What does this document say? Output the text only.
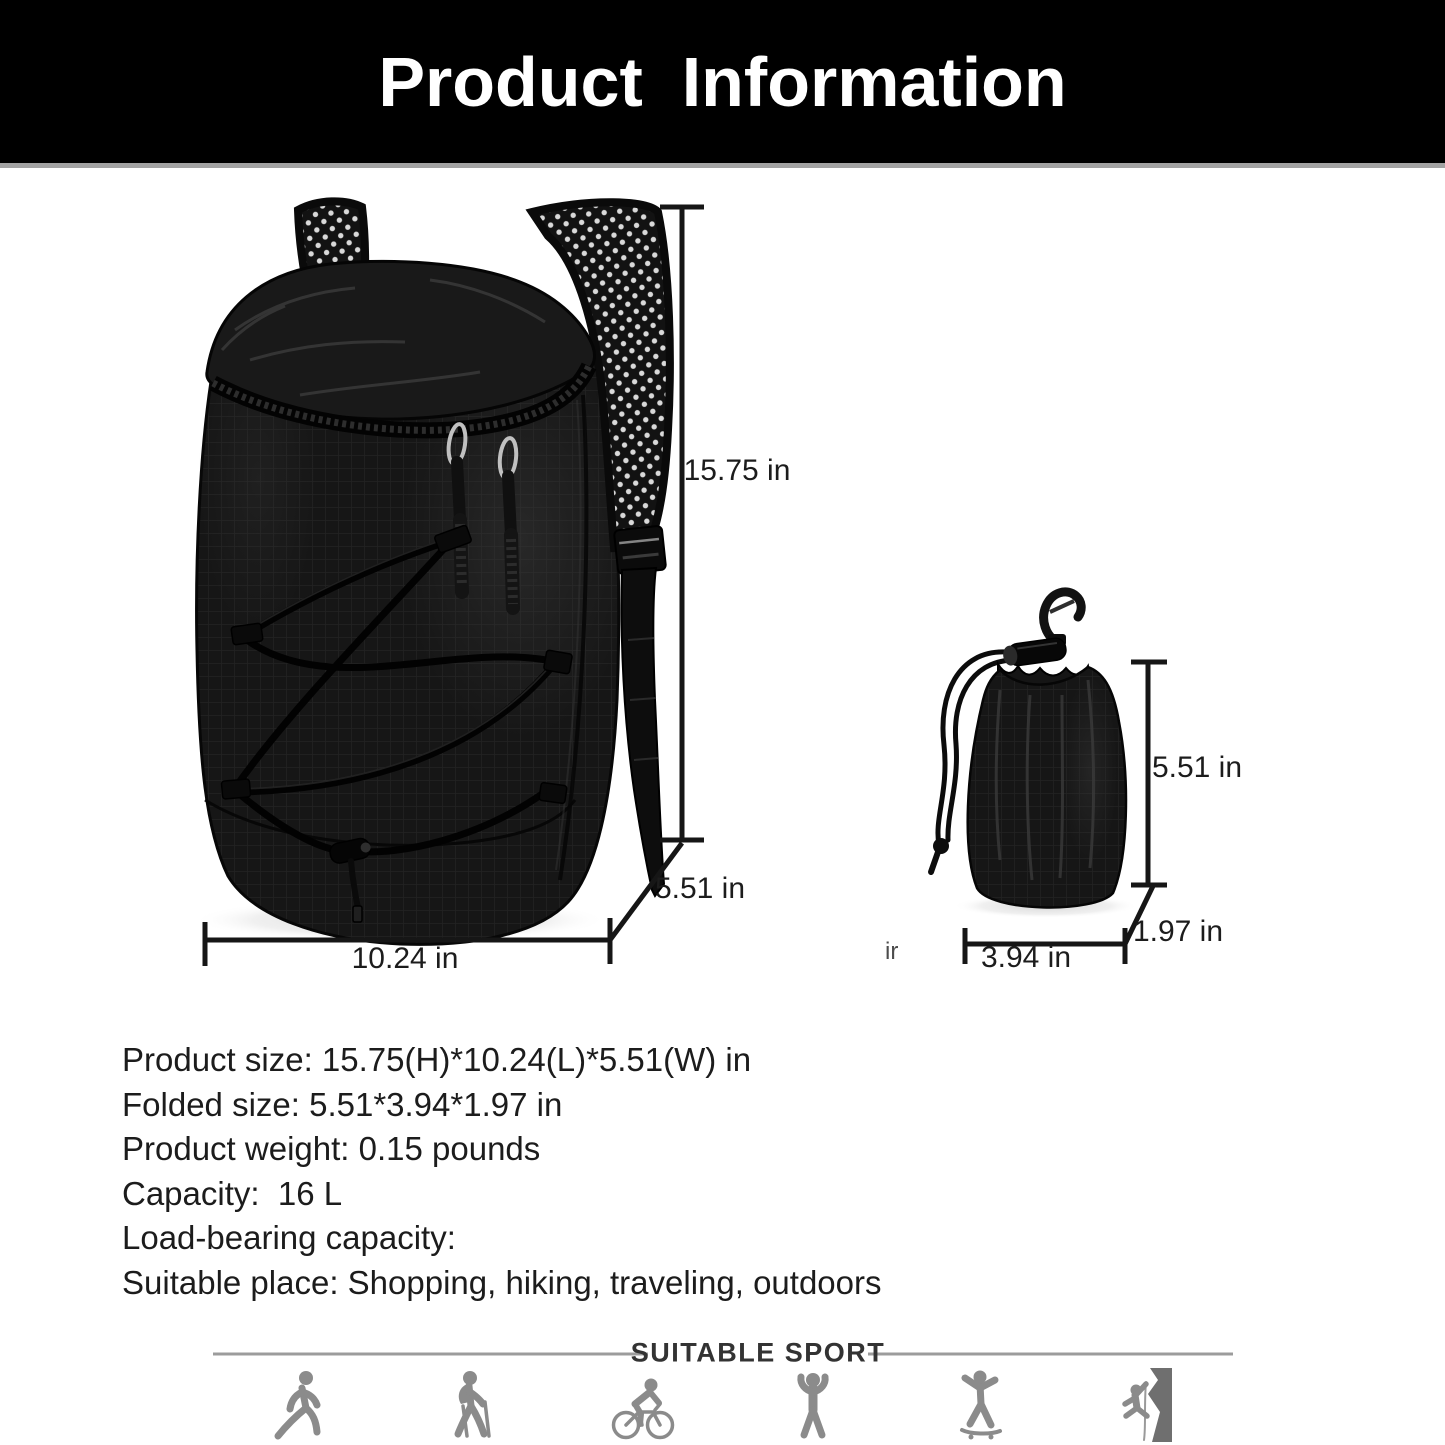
Product  Information
15.75 in
5.51 in
10.24 in
5.51 in
1.97 in
3.94 in
ir
Product size: 15.75(H)*10.24(L)*5.51(W) in
Folded size: 5.51*3.94*1.97 in
Product weight: 0.15 pounds
Capacity:  16 L
Load-bearing capacity:
Suitable place: Shopping, hiking, traveling, outdoors
SUITABLE SPORT
